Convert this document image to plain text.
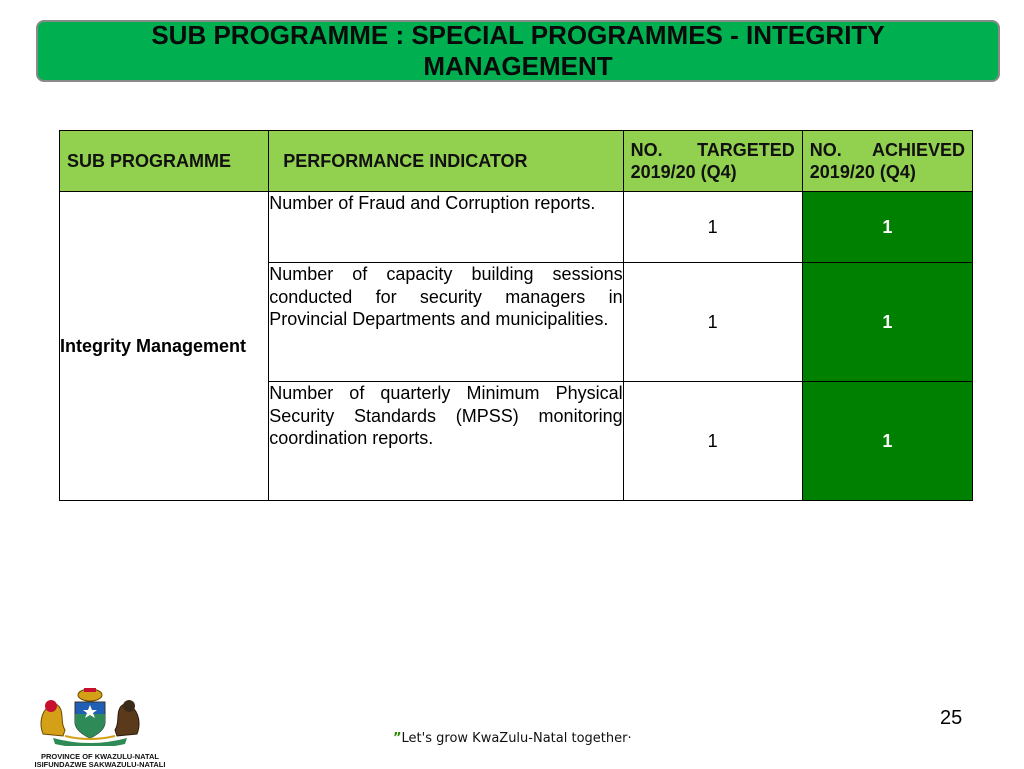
SUB PROGRAMME : SPECIAL PROGRAMMES - INTEGRITY MANAGEMENT
SUB PROGRAMME	PERFORMANCE INDICATOR	NO. TARGETED 2019/20 (Q4)	NO. ACHIEVED 2019/20 (Q4)

Integrity Management	Number of Fraud and Corruption reports.	1	1
	Number of capacity building sessions conducted for security managers in Provincial Departments and municipalities.	1	1
	Number of quarterly Minimum Physical Security Standards (MPSS) monitoring coordination reports.	1	1
PROVINCE OF KWAZULU-NATAL
ISIFUNDAZWE SAKWAZULU-NATALI
”Let's grow KwaZulu-Natal together·
25
